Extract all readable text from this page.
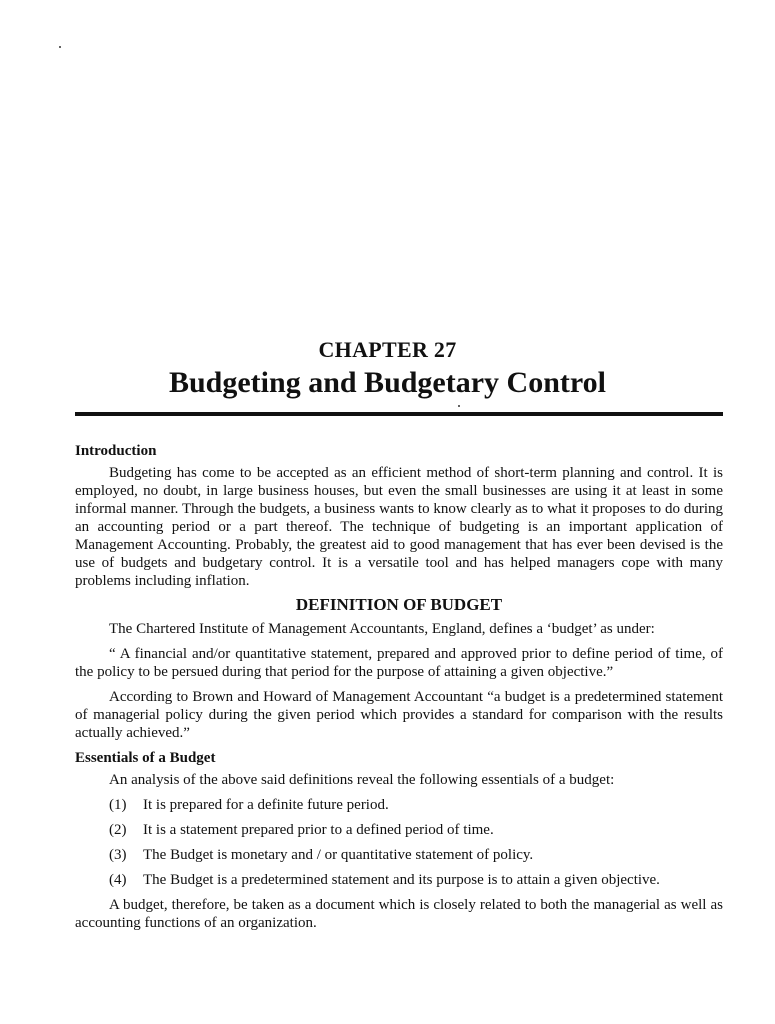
CHAPTER 27
Budgeting and Budgetary Control
Introduction

Budgeting has come to be accepted as an efficient method of short-term planning and control. It is employed, no doubt, in large business houses, but even the small businesses are using it at least in some informal manner. Through the budgets, a business wants to know clearly as to what it proposes to do during an accounting period or a part thereof. The technique of budgeting is an important application of Management Accounting. Probably, the greatest aid to good management that has ever been devised is the use of budgets and budgetary control. It is a versatile tool and has helped managers cope with many problems including inflation.

DEFINITION OF BUDGET

The Chartered Institute of Management Accountants, England, defines a ‘budget’ as under:

“ A financial and/or quantitative statement, prepared and approved prior to define period of time, of the policy to be persued during that period for the purpose of attaining a given objective.”

According to Brown and Howard of Management Accountant “a budget is a predetermined statement of managerial policy during the given period which provides a standard for comparison with the results actually achieved.”

Essentials of a Budget

An analysis of the above said definitions reveal the following essentials of a budget:

(1)	It is prepared for a definite future period.
(2)	It is a statement prepared prior to a defined period of time.
(3)	The Budget is monetary and / or quantitative statement of policy.
(4)	The Budget is a predetermined statement and its purpose is to attain a given objective.

A budget, therefore, be taken as a document which is closely related to both the managerial as well as accounting functions of an organization.
